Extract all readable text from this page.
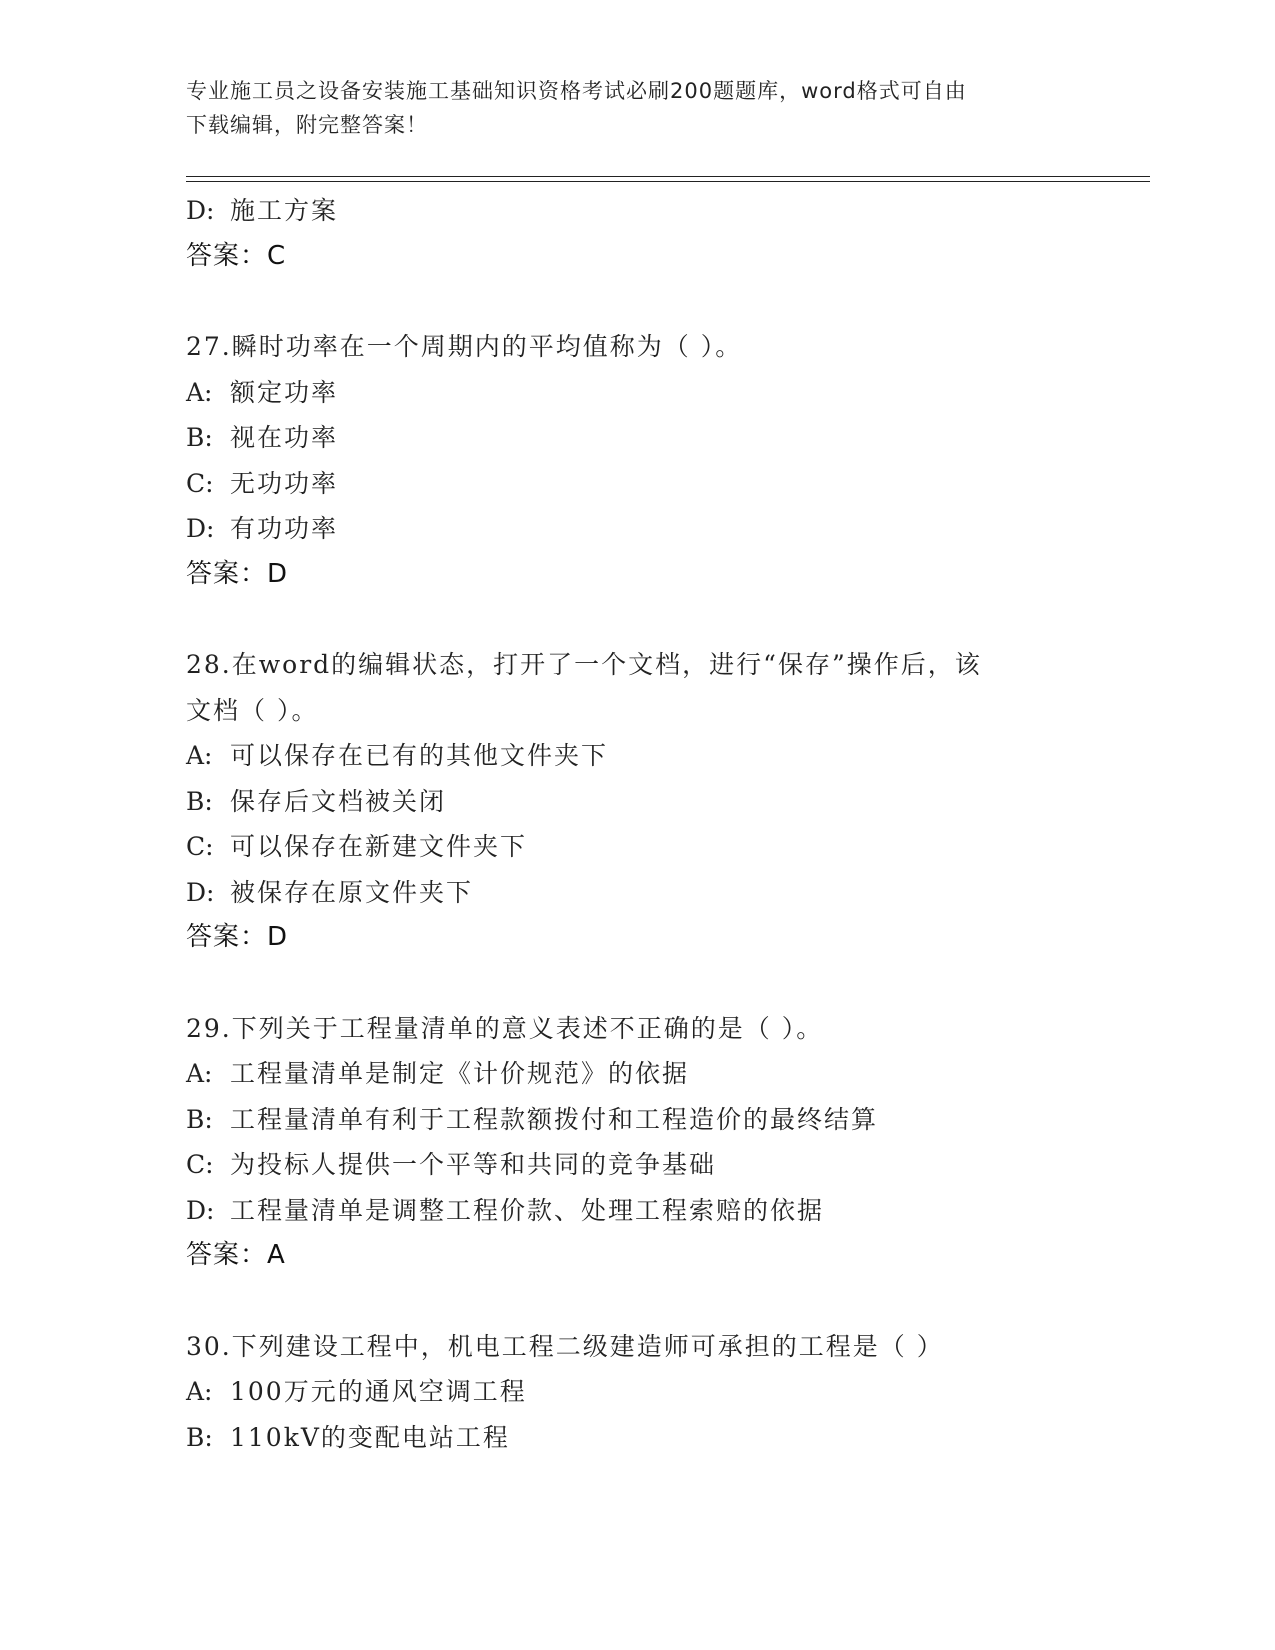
专业施工员之设备安装施工基础知识资格考试必刷200题题库，word格式可自由
下载编辑，附完整答案！
D: 施工方案
答案：C
27.瞬时功率在一个周期内的平均值称为（ ）。
A: 额定功率
B: 视在功率
C: 无功功率
D: 有功功率
答案：D
28.在word的编辑状态，打开了一个文档，进行“保存”操作后，该
文档（ ）。
A: 可以保存在已有的其他文件夹下
B: 保存后文档被关闭
C: 可以保存在新建文件夹下
D: 被保存在原文件夹下
答案：D
29.下列关于工程量清单的意义表述不正确的是（ ）。
A: 工程量清单是制定《计价规范》的依据
B: 工程量清单有利于工程款额拨付和工程造价的最终结算
C: 为投标人提供一个平等和共同的竞争基础
D: 工程量清单是调整工程价款、处理工程索赔的依据
答案：A
30.下列建设工程中，机电工程二级建造师可承担的工程是（ ）
A: 100万元的通风空调工程
B: 110kV的变配电站工程
